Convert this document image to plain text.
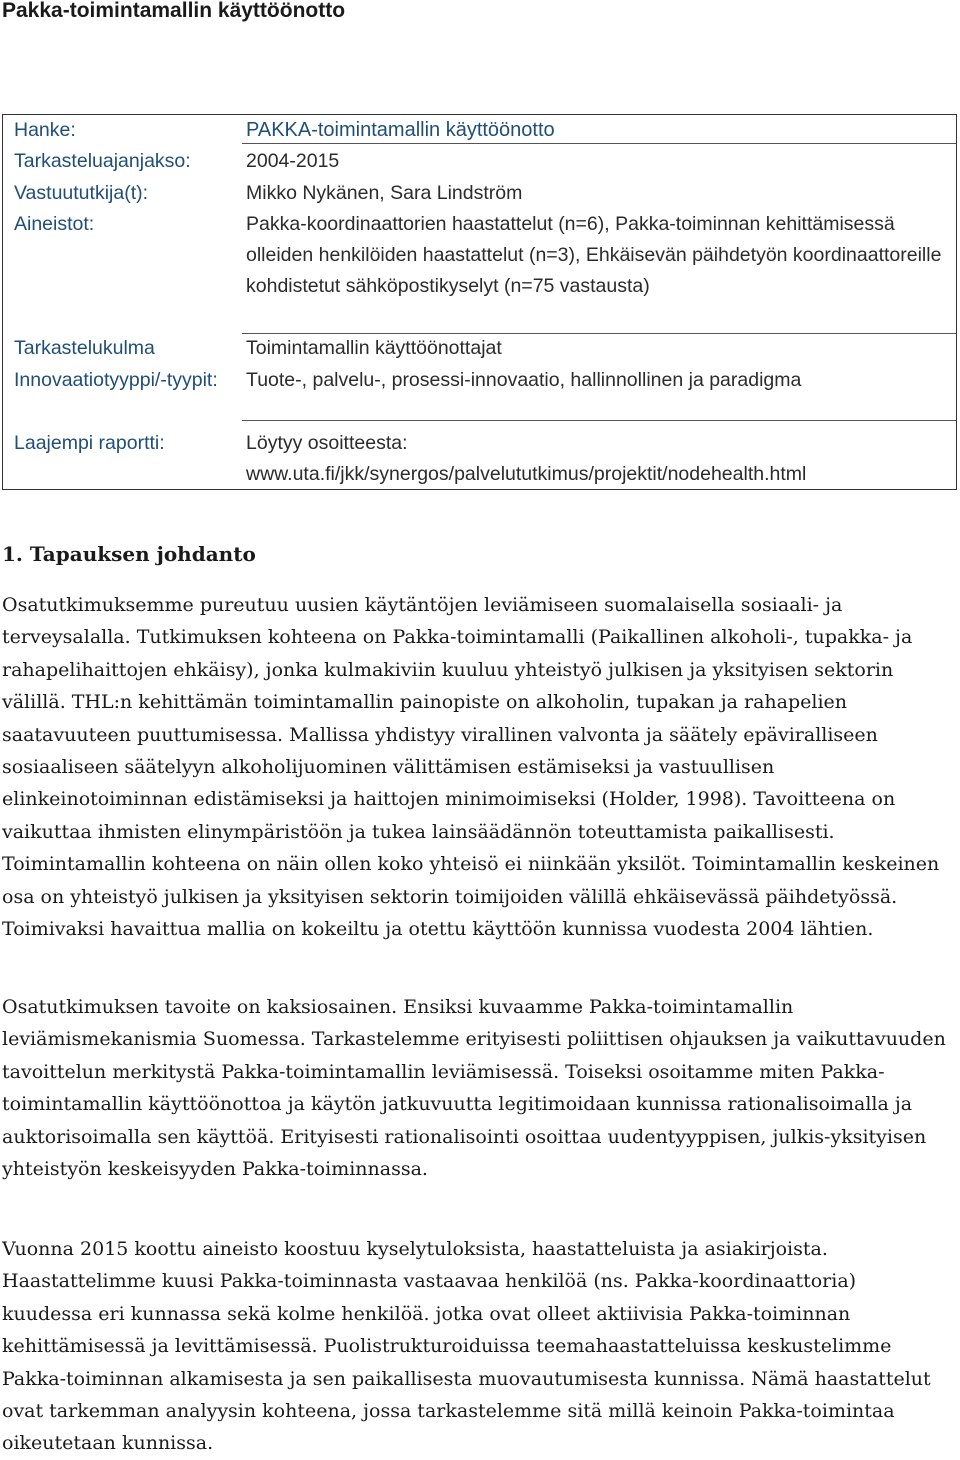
Pakka-toimintamallin käyttöönotto
Hanke:	PAKKA-toimintamallin käyttöönotto
Tarkasteluajanjakso:	2004-2015
Vastuututkija(t):	Mikko Nykänen, Sara Lindström
Aineistot:	Pakka-koordinaattorien haastattelut (n=6), Pakka-toiminnan kehittämisessä olleiden henkilöiden haastattelut (n=3), Ehkäisevän päihdetyön koordinaattoreille kohdistetut sähköpostikyselyt (n=75 vastausta)
Tarkastelukulma	Toimintamallin käyttöönottajat
Innovaatiotyyppi/-tyypit: Tuote-, palvelu-, prosessi-innovaatio, hallinnollinen ja paradigma
Laajempi raportti:	Löytyy osoitteesta: www.uta.fi/jkk/synergos/palvelututkimus/projektit/nodehealth.html
1. Tapauksen johdanto

Osatutkimuksemme pureutuu uusien käytäntöjen leviämiseen suomalaisella sosiaali- ja terveysalalla. Tutkimuksen kohteena on Pakka-toimintamalli (Paikallinen alkoholi-, tupakka- ja rahapelihaittojen ehkäisy), jonka kulmakiviin kuuluu yhteistyö julkisen ja yksityisen sektorin välillä. THL:n kehittämän toimintamallin painopiste on alkoholin, tupakan ja rahapelien saatavuuteen puuttumisessa. Mallissa yhdistyy virallinen valvonta ja säätely epäviralliseen sosiaaliseen säätelyyn alkoholijuominen välittämisen estämiseksi ja vastuullisen elinkeinotoiminnan edistämiseksi ja haittojen minimoimiseksi (Holder, 1998). Tavoitteena on vaikuttaa ihmisten elinympäristöön ja tukea lainsäädännön toteuttamista paikallisesti. Toimintamallin kohteena on näin ollen koko yhteisö ei niinkään yksilöt. Toimintamallin keskeinen osa on yhteistyö julkisen ja yksityisen sektorin toimijoiden välillä ehkäisevässä päihdetyössä. Toimivaksi havaittua mallia on kokeiltu ja otettu käyttöön kunnissa vuodesta 2004 lähtien.

Osatutkimuksen tavoite on kaksiosainen. Ensiksi kuvaamme Pakka-toimintamallin leviämismekanismia Suomessa. Tarkastelemme erityisesti poliittisen ohjauksen ja vaikuttavuuden tavoittelun merkitystä Pakka-toimintamallin leviämisessä. Toiseksi osoitamme miten Pakka-toimintamallin käyttöönottoa ja käytön jatkuvuutta legitimoidaan kunnissa rationalisoimalla ja auktorisoimalla sen käyttöä. Erityisesti rationalisointi osoittaa uudentyyppisen, julkis-yksityisen yhteistyön keskeisyyden Pakka-toiminnassa.

Vuonna 2015 koottu aineisto koostuu kyselytuloksista, haastatteluista ja asiakirjoista. Haastattelimme kuusi Pakka-toiminnasta vastaavaa henkilöä (ns. Pakka-koordinaattoria) kuudessa eri kunnassa sekä kolme henkilöä. jotka ovat olleet aktiivisia Pakka-toiminnan kehittämisessä ja levittämisessä. Puolistrukturoiduissa teemahaastatteluissa keskustelimme Pakka-toiminnan alkamisesta ja sen paikallisesta muovautumisesta kunnissa. Nämä haastattelut ovat tarkemman analyysin kohteena, jossa tarkastelemme sitä millä keinoin Pakka-toimintaa oikeutetaan kunnissa.
